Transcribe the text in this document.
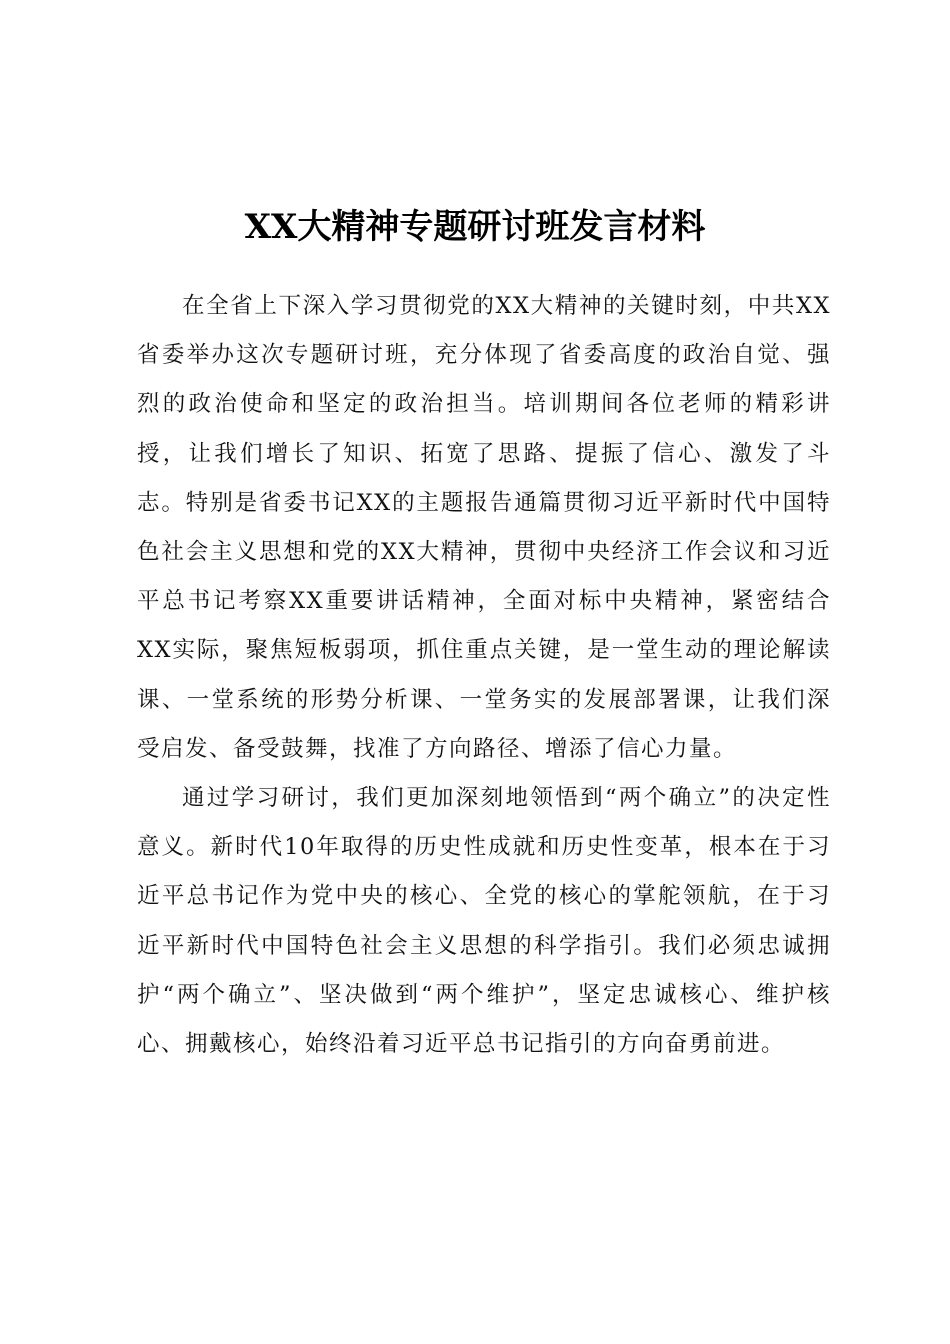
XX大精神专题研讨班发言材料

在全省上下深入学习贯彻党的XX大精神的关键时刻，中共XX省委举办这次专题研讨班，充分体现了省委高度的政治自觉、强烈的政治使命和坚定的政治担当。培训期间各位老师的精彩讲授，让我们增长了知识、拓宽了思路、提振了信心、激发了斗志。特别是省委书记XX的主题报告通篇贯彻习近平新时代中国特色社会主义思想和党的XX大精神，贯彻中央经济工作会议和习近平总书记考察XX重要讲话精神，全面对标中央精神，紧密结合XX实际，聚焦短板弱项，抓住重点关键，是一堂生动的理论解读课、一堂系统的形势分析课、一堂务实的发展部署课，让我们深受启发、备受鼓舞，找准了方向路径、增添了信心力量。

通过学习研讨，我们更加深刻地领悟到“两个确立”的决定性意义。新时代10年取得的历史性成就和历史性变革，根本在于习近平总书记作为党中央的核心、全党的核心的掌舵领航，在于习近平新时代中国特色社会主义思想的科学指引。我们必须忠诚拥护“两个确立”、坚决做到“两个维护”，坚定忠诚核心、维护核心、拥戴核心，始终沿着习近平总书记指引的方向奋勇前进。
